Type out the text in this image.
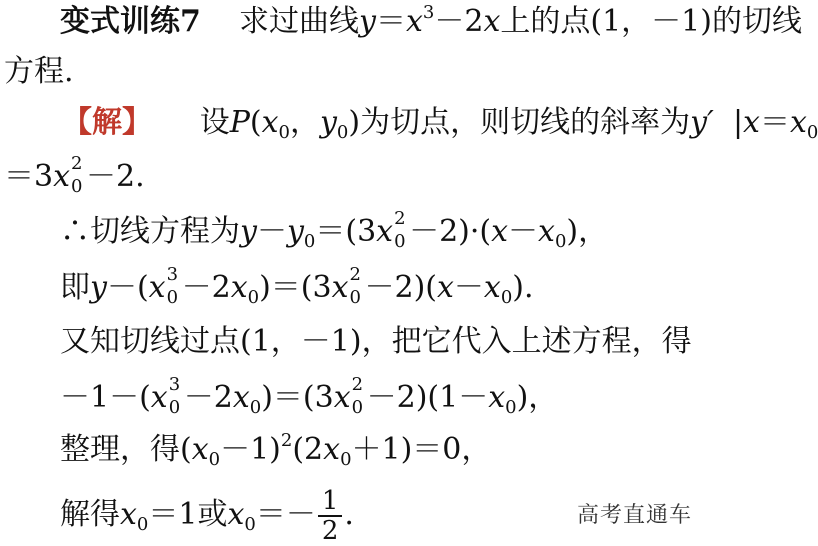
变式训练7 求过曲线$y=x^3-2x$上的点(1，－1)的切线
方程.
【解】 设$P(x_0$，$y_0$)为切点，则切线的斜率为y′ $|x=x_0$
＝3x 2
0 －2.
∴切线方程为$y-y_0=(3x$ 2
$0 -2)\cdot(x-x_0)$，
即y－(x 3
$0 -2x_0)=(3x$ 2
$0 -2)(x-x_0)$.
又知切线过点(1，－1)，把它代入上述方程，得
－1－(x 3
$0 -2x_0)=(3x$ 2
$0 -2)(1-x_0)$，
整理，得$(x_0-1)^2(2x_0+1)=0$，
解得$x_0=1$或$x_0=- \frac{1}{2}$ .	高考直通车
